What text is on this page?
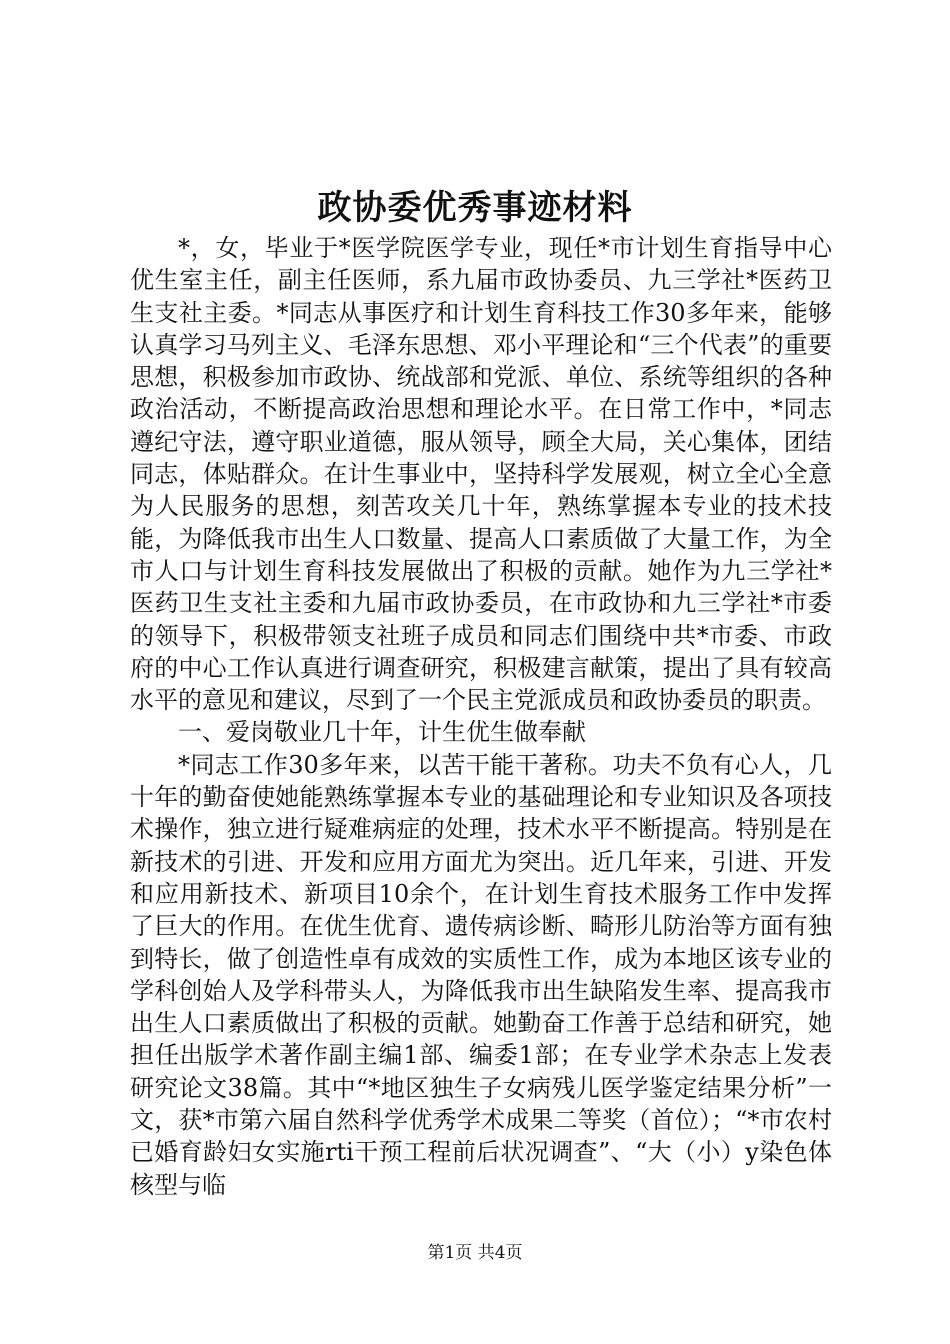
政协委优秀事迹材料

*，女，毕业于*医学院医学专业，现任*市计划生育指导中心优生室主任，副主任医师，系九届市政协委员、九三学社*医药卫生支社主委。*同志从事医疗和计划生育科技工作30多年来，能够认真学习马列主义、毛泽东思想、邓小平理论和“三个代表”的重要思想，积极参加市政协、统战部和党派、单位、系统等组织的各种政治活动，不断提高政治思想和理论水平。在日常工作中，*同志遵纪守法，遵守职业道德，服从领导，顾全大局，关心集体，团结同志，体贴群众。在计生事业中，坚持科学发展观，树立全心全意为人民服务的思想，刻苦攻关几十年，熟练掌握本专业的技术技能，为降低我市出生人口数量、提高人口素质做了大量工作，为全市人口与计划生育科技发展做出了积极的贡献。她作为九三学社*医药卫生支社主委和九届市政协委员，在市政协和九三学社*市委的领导下，积极带领支社班子成员和同志们围绕中共*市委、市政府的中心工作认真进行调查研究，积极建言献策，提出了具有较高水平的意见和建议，尽到了一个民主党派成员和政协委员的职责。

一、爱岗敬业几十年，计生优生做奉献

*同志工作30多年来，以苦干能干著称。功夫不负有心人，几十年的勤奋使她能熟练掌握本专业的基础理论和专业知识及各项技术操作，独立进行疑难病症的处理，技术水平不断提高。特别是在新技术的引进、开发和应用方面尤为突出。近几年来，引进、开发和应用新技术、新项目10余个，在计划生育技术服务工作中发挥了巨大的作用。在优生优育、遗传病诊断、畸形儿防治等方面有独到特长，做了创造性卓有成效的实质性工作，成为本地区该专业的学科创始人及学科带头人，为降低我市出生缺陷发生率、提高我市出生人口素质做出了积极的贡献。她勤奋工作善于总结和研究，她担任出版学术著作副主编1部、编委1部；在专业学术杂志上发表研究论文38篇。其中“*地区独生子女病残儿医学鉴定结果分析”一文，获*市第六届自然科学优秀学术成果二等奖（首位）；“*市农村已婚育龄妇女实施rti干预工程前后状况调查”、“大（小）y染色体核型与临

第1页 共4页
